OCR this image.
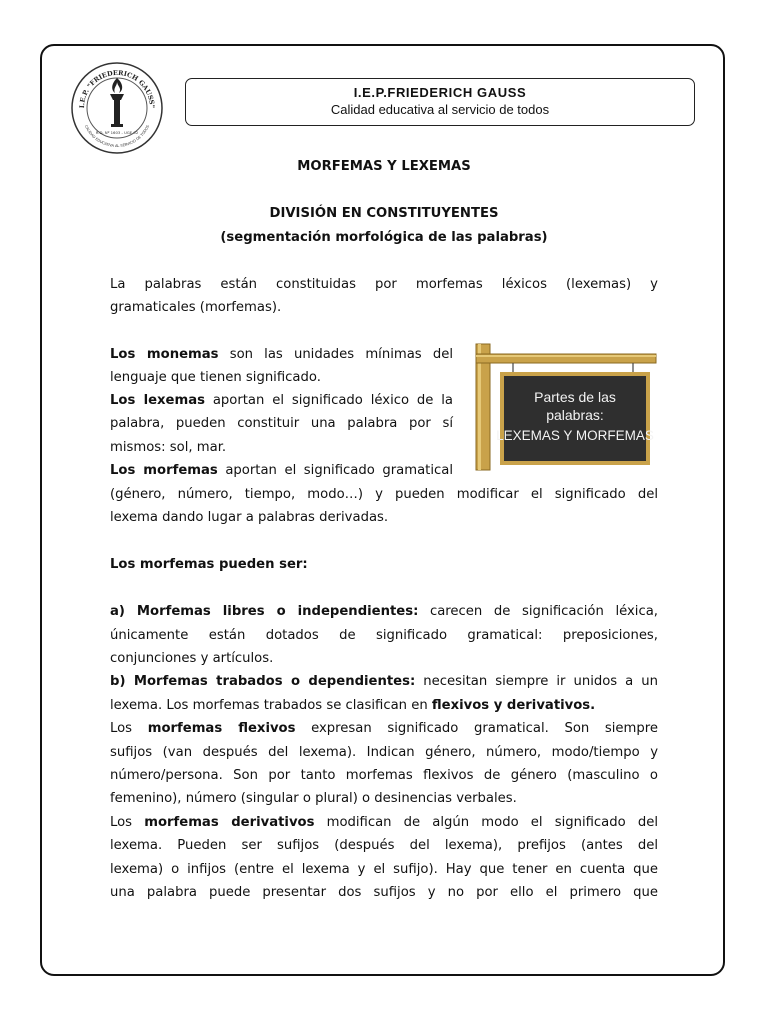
I.E.P. "FRIEDERICH GAUSS"
CALIDAD EDUCATIVA AL SERVICIO DE TODOS
R.D. Nº 1603 - UGE 02
I.E.P.FRIEDERICH GAUSS
Calidad educativa al servicio de todos
MORFEMAS Y LEXEMAS
DIVISIÓN EN CONSTITUYENTES
(segmentación morfológica de las palabras)
La palabras están constituidas por morfemas léxicos (lexemas) y
gramaticales (morfemas).
Los monemas son las unidades mínimas del
lenguaje que tienen significado.
Los lexemas aportan el significado léxico de la
palabra, pueden constituir una palabra por sí
mismos: sol, mar.
Los morfemas aportan el significado gramatical
(género, número, tiempo, modo…) y pueden modificar el significado del
lexema dando lugar a palabras derivadas.
Partes de las
palabras:
LEXEMAS Y MORFEMAS
Los morfemas pueden ser:
a) Morfemas libres o independientes: carecen de significación léxica,
únicamente están dotados de significado gramatical: preposiciones,
conjunciones y artículos.
b) Morfemas trabados o dependientes: necesitan siempre ir unidos a un
lexema. Los morfemas trabados se clasifican en flexivos y derivativos.
Los morfemas flexivos expresan significado gramatical. Son siempre
sufijos (van después del lexema). Indican género, número, modo/tiempo y
número/persona. Son por tanto morfemas flexivos de género (masculino o
femenino), número (singular o plural) o desinencias verbales.
Los morfemas derivativos modifican de algún modo el significado del
lexema. Pueden ser sufijos (después del lexema), prefijos (antes del
lexema) o infijos (entre el lexema y el sufijo). Hay que tener en cuenta que
una palabra puede presentar dos sufijos y no por ello el primero que
